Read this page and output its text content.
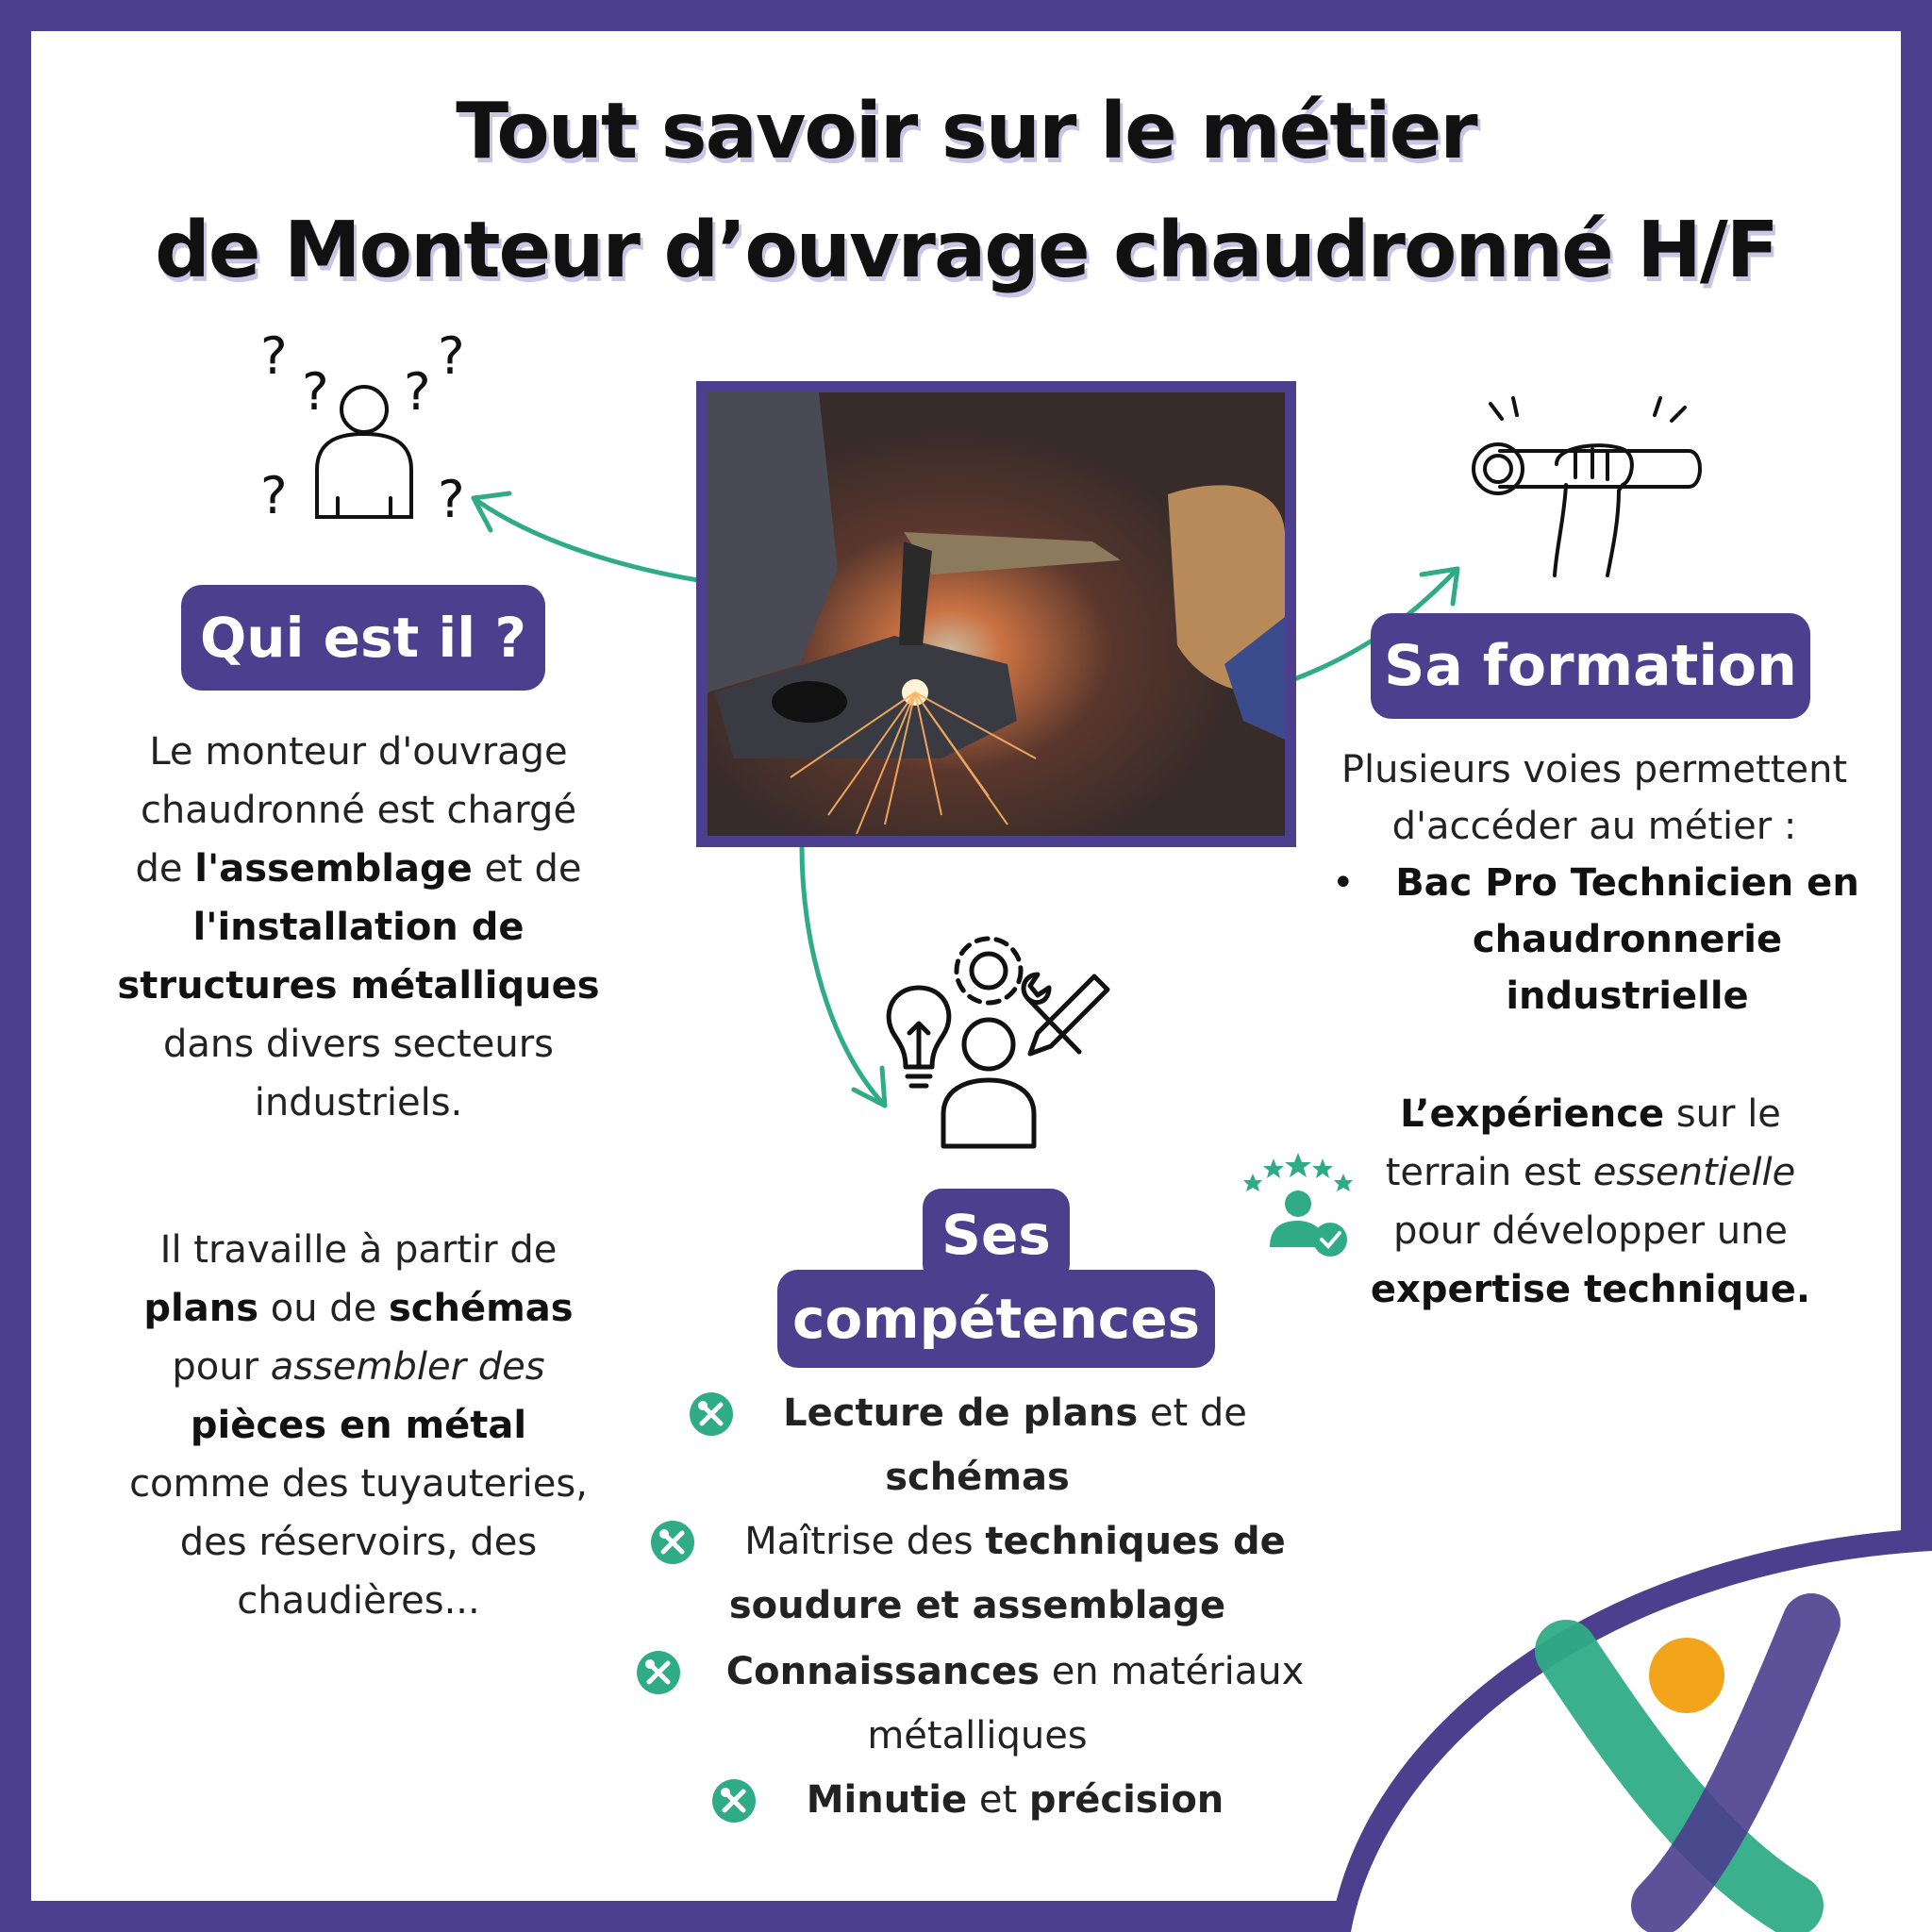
Tout savoir sur le métier
de Monteur d’ouvrage chaudronné H/F
?
? ?
?
?	?
Qui est il ?
Le monteur d'ouvrage
chaudronné est chargé
de l'assemblage et de
l'installation de
structures métalliques
dans divers secteurs
industriels.
Il travaille à partir de
plans ou de schémas
pour assembler des
pièces en métal
comme des tuyauteries,
des réservoirs, des
chaudières...
Sa formation
Plusieurs voies permettent
d'accéder au métier :
• Bac Pro Technicien en
chaudronnerie
industrielle
L’expérience sur le
terrain est essentielle
pour développer une
expertise technique.
Ses
compétences
Lecture de plans et de
schémas
Maîtrise des techniques de
soudure et assemblage
Connaissances en matériaux
métalliques
Minutie et précision
